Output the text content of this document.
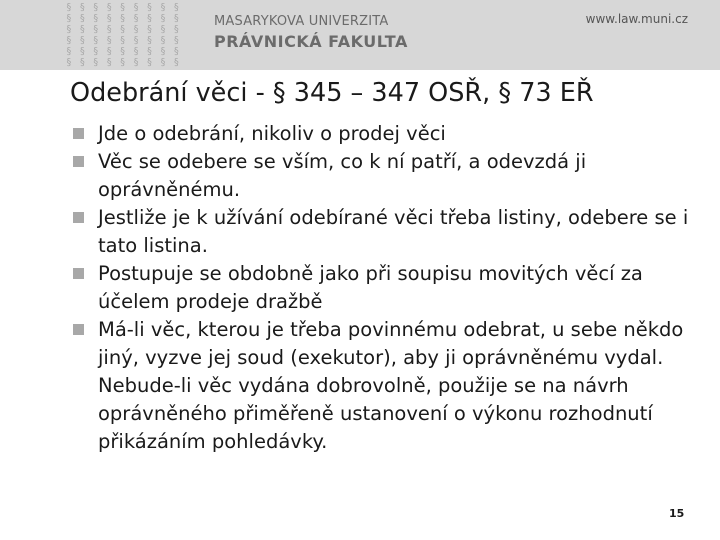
§ § § § § § § § §
§ § § § § § § § §
§ § § § § § § § §
§ § § § § § § § §
§ § § § § § § § §
§ § § § § § § § §
MASARYKOVA UNIVERZITA
PRÁVNICKÁ FAKULTA
www.law.muni.cz
Odebrání věci - § 345 – 347 OSŘ, § 73 EŘ
Jde o odebrání, nikoliv o prodej věci
Věc se odebere se vším, co k ní patří, a odevzdá ji oprávněnému.
Jestliže je k užívání odebírané věci třeba listiny, odebere se i tato listina.
Postupuje se obdobně jako při soupisu movitých věcí za účelem prodeje dražbě
Má-li věc, kterou je třeba povinnému odebrat, u sebe někdo jiný, vyzve jej soud (exekutor), aby ji oprávněnému vydal. Nebude-li věc vydána dobrovolně, použije se na návrh oprávněného přiměřeně ustanovení o výkonu rozhodnutí přikázáním pohledávky.
15
